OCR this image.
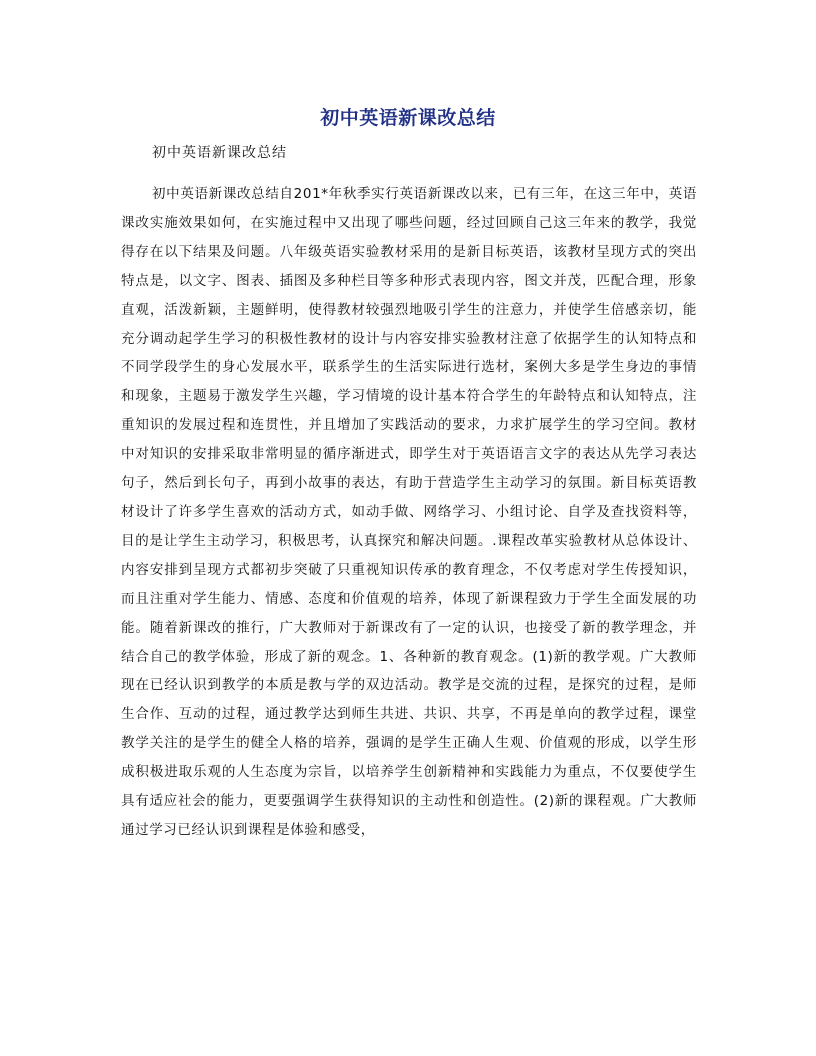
初中英语新课改总结
初中英语新课改总结

初中英语新课改总结自201*年秋季实行英语新课改以来，已有三年，在这三年中，英语课改实施效果如何，在实施过程中又出现了哪些问题，经过回顾自己这三年来的教学，我觉得存在以下结果及问题。八年级英语实验教材采用的是新目标英语，该教材呈现方式的突出特点是，以文字、图表、插图及多种栏目等多种形式表现内容，图文并茂，匹配合理，形象直观，活泼新颖，主题鲜明，使得教材较强烈地吸引学生的注意力，并使学生倍感亲切，能充分调动起学生学习的积极性教材的设计与内容安排实验教材注意了依据学生的认知特点和不同学段学生的身心发展水平，联系学生的生活实际进行选材，案例大多是学生身边的事情和现象，主题易于激发学生兴趣，学习情境的设计基本符合学生的年龄特点和认知特点，注重知识的发展过程和连贯性，并且增加了实践活动的要求，力求扩展学生的学习空间。教材中对知识的安排采取非常明显的循序渐进式，即学生对于英语语言文字的表达从先学习表达句子，然后到长句子，再到小故事的表达，有助于营造学生主动学习的氛围。新目标英语教材设计了许多学生喜欢的活动方式，如动手做、网络学习、小组讨论、自学及查找资料等，目的是让学生主动学习，积极思考，认真探究和解决问题。.课程改革实验教材从总体设计、内容安排到呈现方式都初步突破了只重视知识传承的教育理念，不仅考虑对学生传授知识，而且注重对学生能力、情感、态度和价值观的培养，体现了新课程致力于学生全面发展的功能。随着新课改的推行，广大教师对于新课改有了一定的认识，也接受了新的教学理念，并结合自己的教学体验，形成了新的观念。1、各种新的教育观念。(1)新的教学观。广大教师现在已经认识到教学的本质是教与学的双边活动。教学是交流的过程，是探究的过程，是师生合作、互动的过程，通过教学达到师生共进、共识、共享，不再是单向的教学过程，课堂教学关注的是学生的健全人格的培养，强调的是学生正确人生观、价值观的形成，以学生形成积极进取乐观的人生态度为宗旨，以培养学生创新精神和实践能力为重点，不仅要使学生具有适应社会的能力，更要强调学生获得知识的主动性和创造性。(2)新的课程观。广大教师通过学习已经认识到课程是体验和感受，
